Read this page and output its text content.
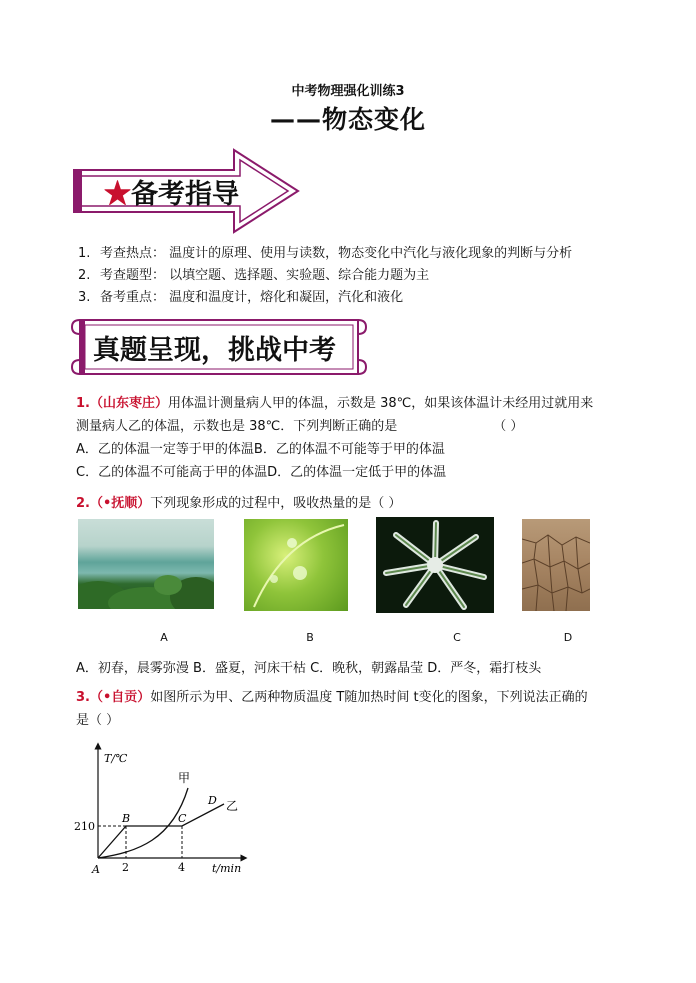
中考物理强化训练3
——物态变化
★备考指导
1. 考查热点： 温度计的原理、使用与读数，物态变化中汽化与液化现象的判断与分析
2. 考查题型： 以填空题、选择题、实验题、综合能力题为主
3. 备考重点： 温度和温度计，熔化和凝固，汽化和液化
真题呈现，挑战中考
1.（山东枣庄）用体温计测量病人甲的体温，示数是 38℃，如果该体温计未经用过就用来
测量病人乙的体温，示数也是 38℃．下列判断正确的是	（ ）
A．乙的体温一定等于甲的体温B．乙的体温不可能等于甲的体温
C．乙的体温不可能高于甲的体温D．乙的体温一定低于甲的体温
2.（•抚顺）下列现象形成的过程中，吸收热量的是（ ）
A	B	C	D
A．初春，晨雾弥漫 B．盛夏，河床干枯 C．晚秋，朝露晶莹 D．严冬，霜打枝头
3.（•自贡）如图所示为甲、乙两种物质温度 T随加热时间 t变化的图象，下列说法正确的
是（ ）
T/℃
t/min
210
2	4
A
B	C
D
甲
乙
